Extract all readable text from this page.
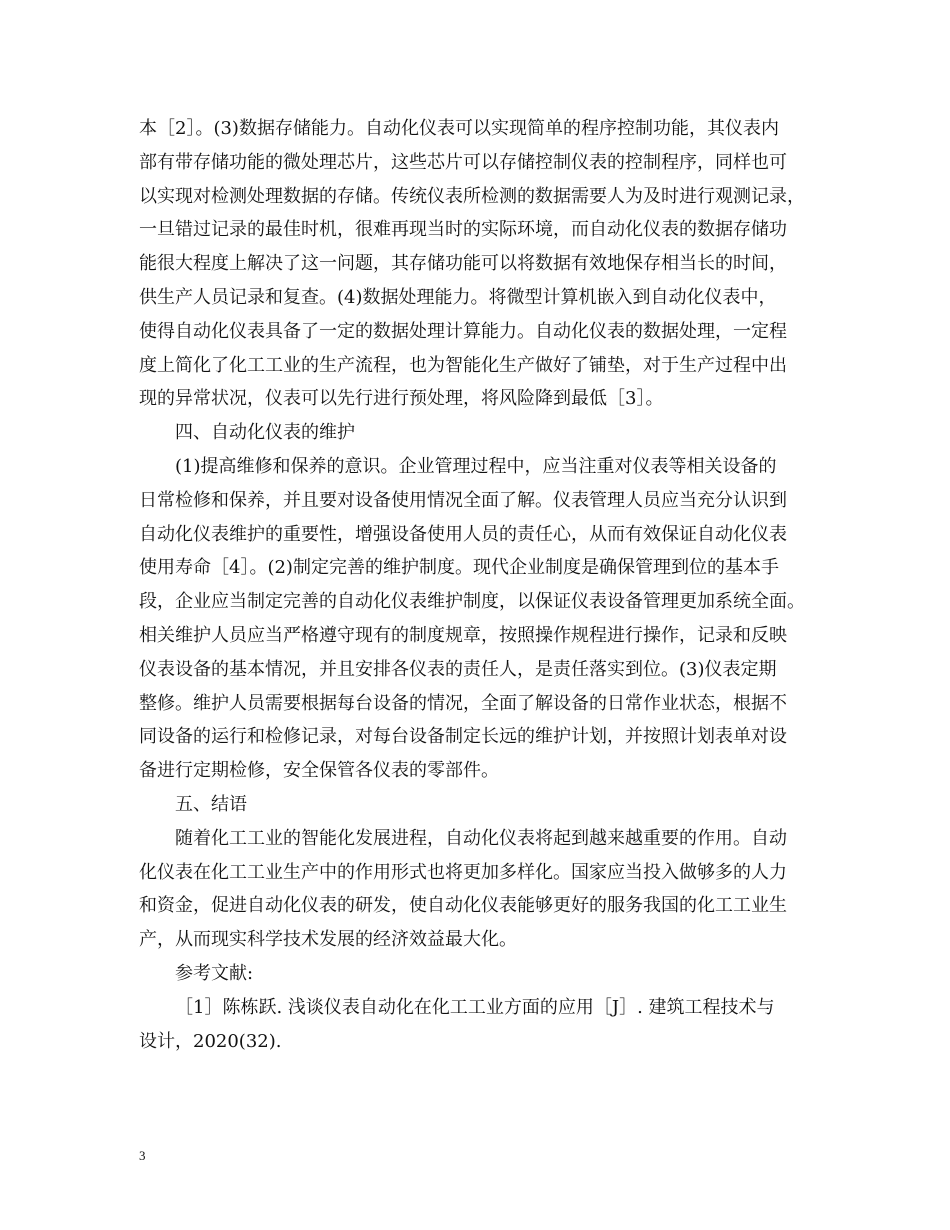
本［2］。(3)数据存储能力。自动化仪表可以实现简单的程序控制功能，其仪表内
部有带存储功能的微处理芯片，这些芯片可以存储控制仪表的控制程序，同样也可
以实现对检测处理数据的存储。传统仪表所检测的数据需要人为及时进行观测记录，
一旦错过记录的最佳时机，很难再现当时的实际环境，而自动化仪表的数据存储功
能很大程度上解决了这一问题，其存储功能可以将数据有效地保存相当长的时间，
供生产人员记录和复查。(4)数据处理能力。将微型计算机嵌入到自动化仪表中，
使得自动化仪表具备了一定的数据处理计算能力。自动化仪表的数据处理，一定程
度上简化了化工工业的生产流程，也为智能化生产做好了铺垫，对于生产过程中出
现的异常状况，仪表可以先行进行预处理，将风险降到最低［3］。
四、自动化仪表的维护
(1)提高维修和保养的意识。企业管理过程中，应当注重对仪表等相关设备的
日常检修和保养，并且要对设备使用情况全面了解。仪表管理人员应当充分认识到
自动化仪表维护的重要性，增强设备使用人员的责任心，从而有效保证自动化仪表
使用寿命［4］。(2)制定完善的维护制度。现代企业制度是确保管理到位的基本手
段，企业应当制定完善的自动化仪表维护制度，以保证仪表设备管理更加系统全面。
相关维护人员应当严格遵守现有的制度规章，按照操作规程进行操作，记录和反映
仪表设备的基本情况，并且安排各仪表的责任人，是责任落实到位。(3)仪表定期
整修。维护人员需要根据每台设备的情况，全面了解设备的日常作业状态，根据不
同设备的运行和检修记录，对每台设备制定长远的维护计划，并按照计划表单对设
备进行定期检修，安全保管各仪表的零部件。
五、结语
随着化工工业的智能化发展进程，自动化仪表将起到越来越重要的作用。自动
化仪表在化工工业生产中的作用形式也将更加多样化。国家应当投入做够多的人力
和资金，促进自动化仪表的研发，使自动化仪表能够更好的服务我国的化工工业生
产，从而现实科学技术发展的经济效益最大化。
参考文献:
［1］陈栋跃. 浅谈仪表自动化在化工工业方面的应用［J］. 建筑工程技术与
设计，2020(32).
3
